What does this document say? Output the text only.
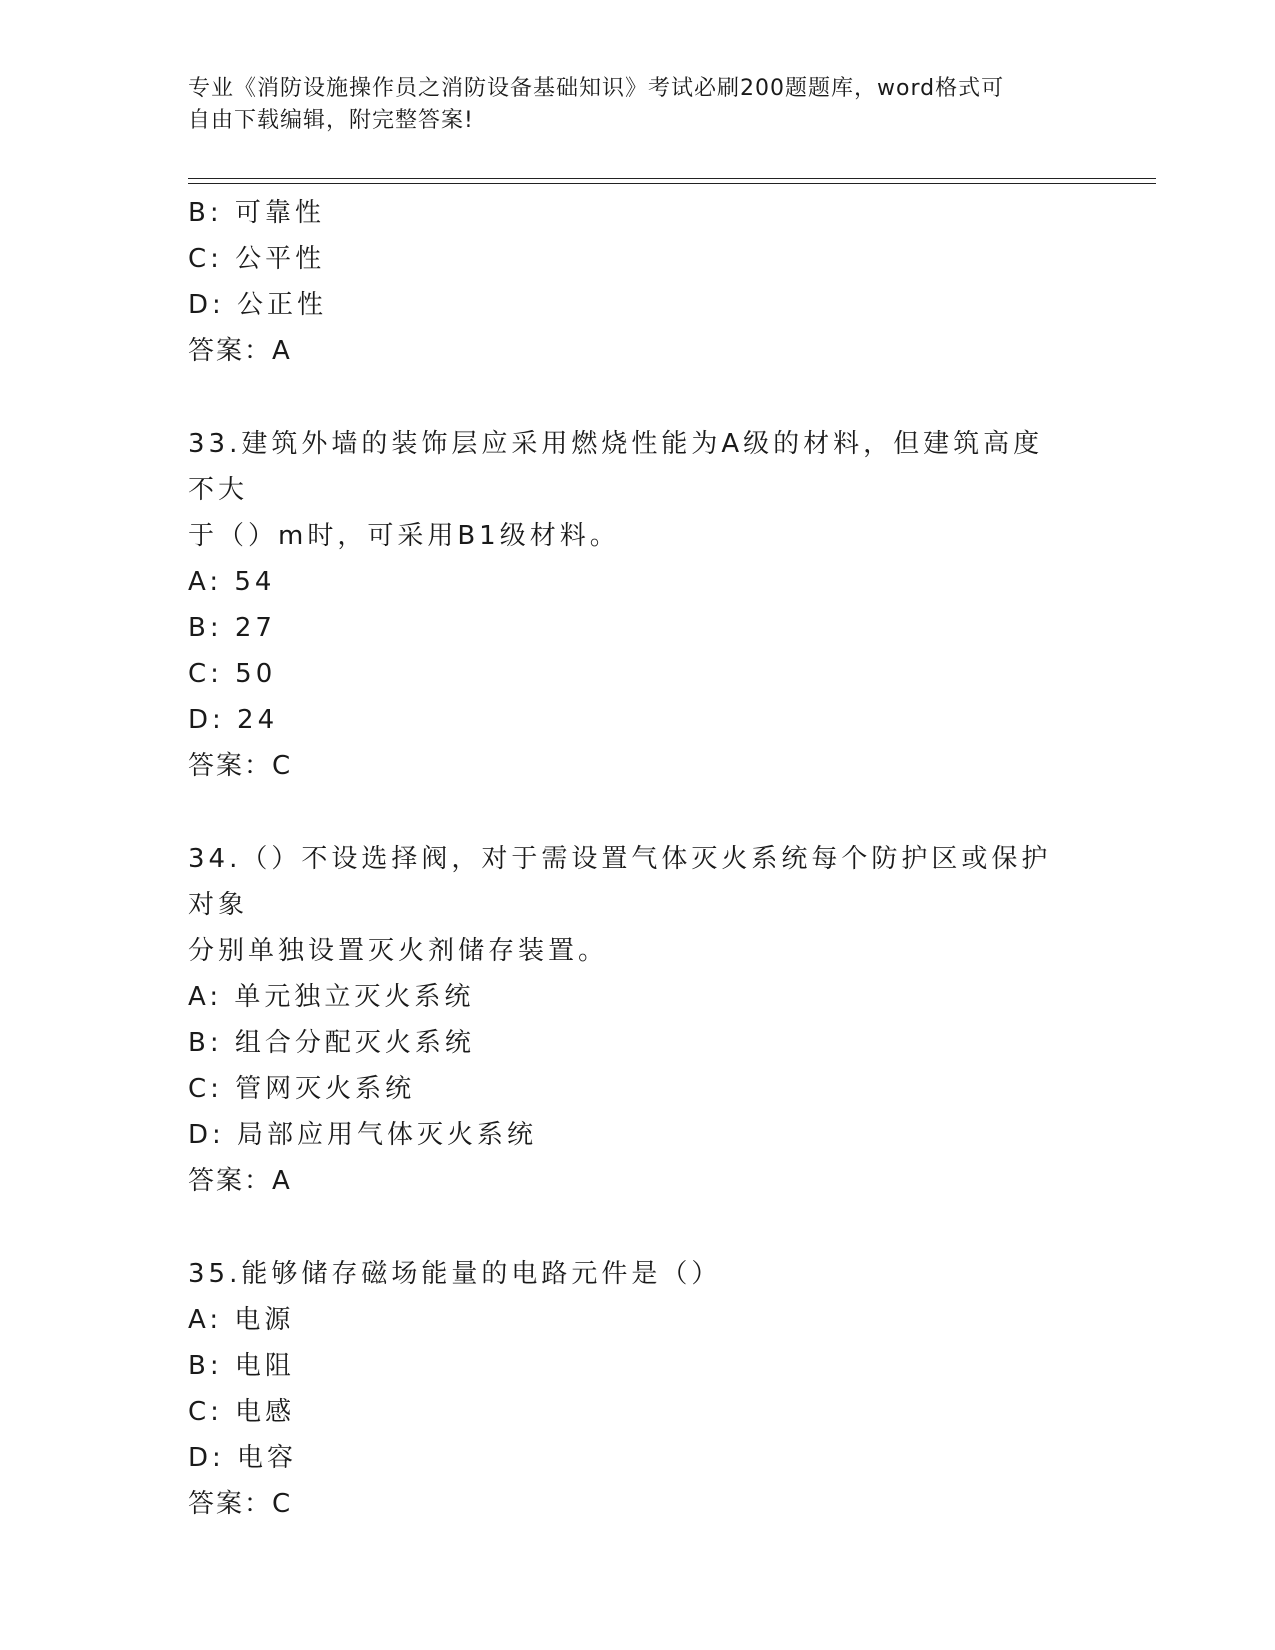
专业《消防设施操作员之消防设备基础知识》考试必刷200题题库，word格式可
自由下载编辑，附完整答案!
B: 可靠性
C: 公平性
D: 公正性
答案：A
33.建筑外墙的装饰层应采用燃烧性能为A级的材料，但建筑高度不大
于（）m时，可采用B1级材料。
A: 54
B: 27
C: 50
D: 24
答案：C
34.（）不设选择阀，对于需设置气体灭火系统每个防护区或保护对象
分别单独设置灭火剂储存装置。
A: 单元独立灭火系统
B: 组合分配灭火系统
C: 管网灭火系统
D: 局部应用气体灭火系统
答案：A
35.能够储存磁场能量的电路元件是（）
A: 电源
B: 电阻
C: 电感
D: 电容
答案：C
